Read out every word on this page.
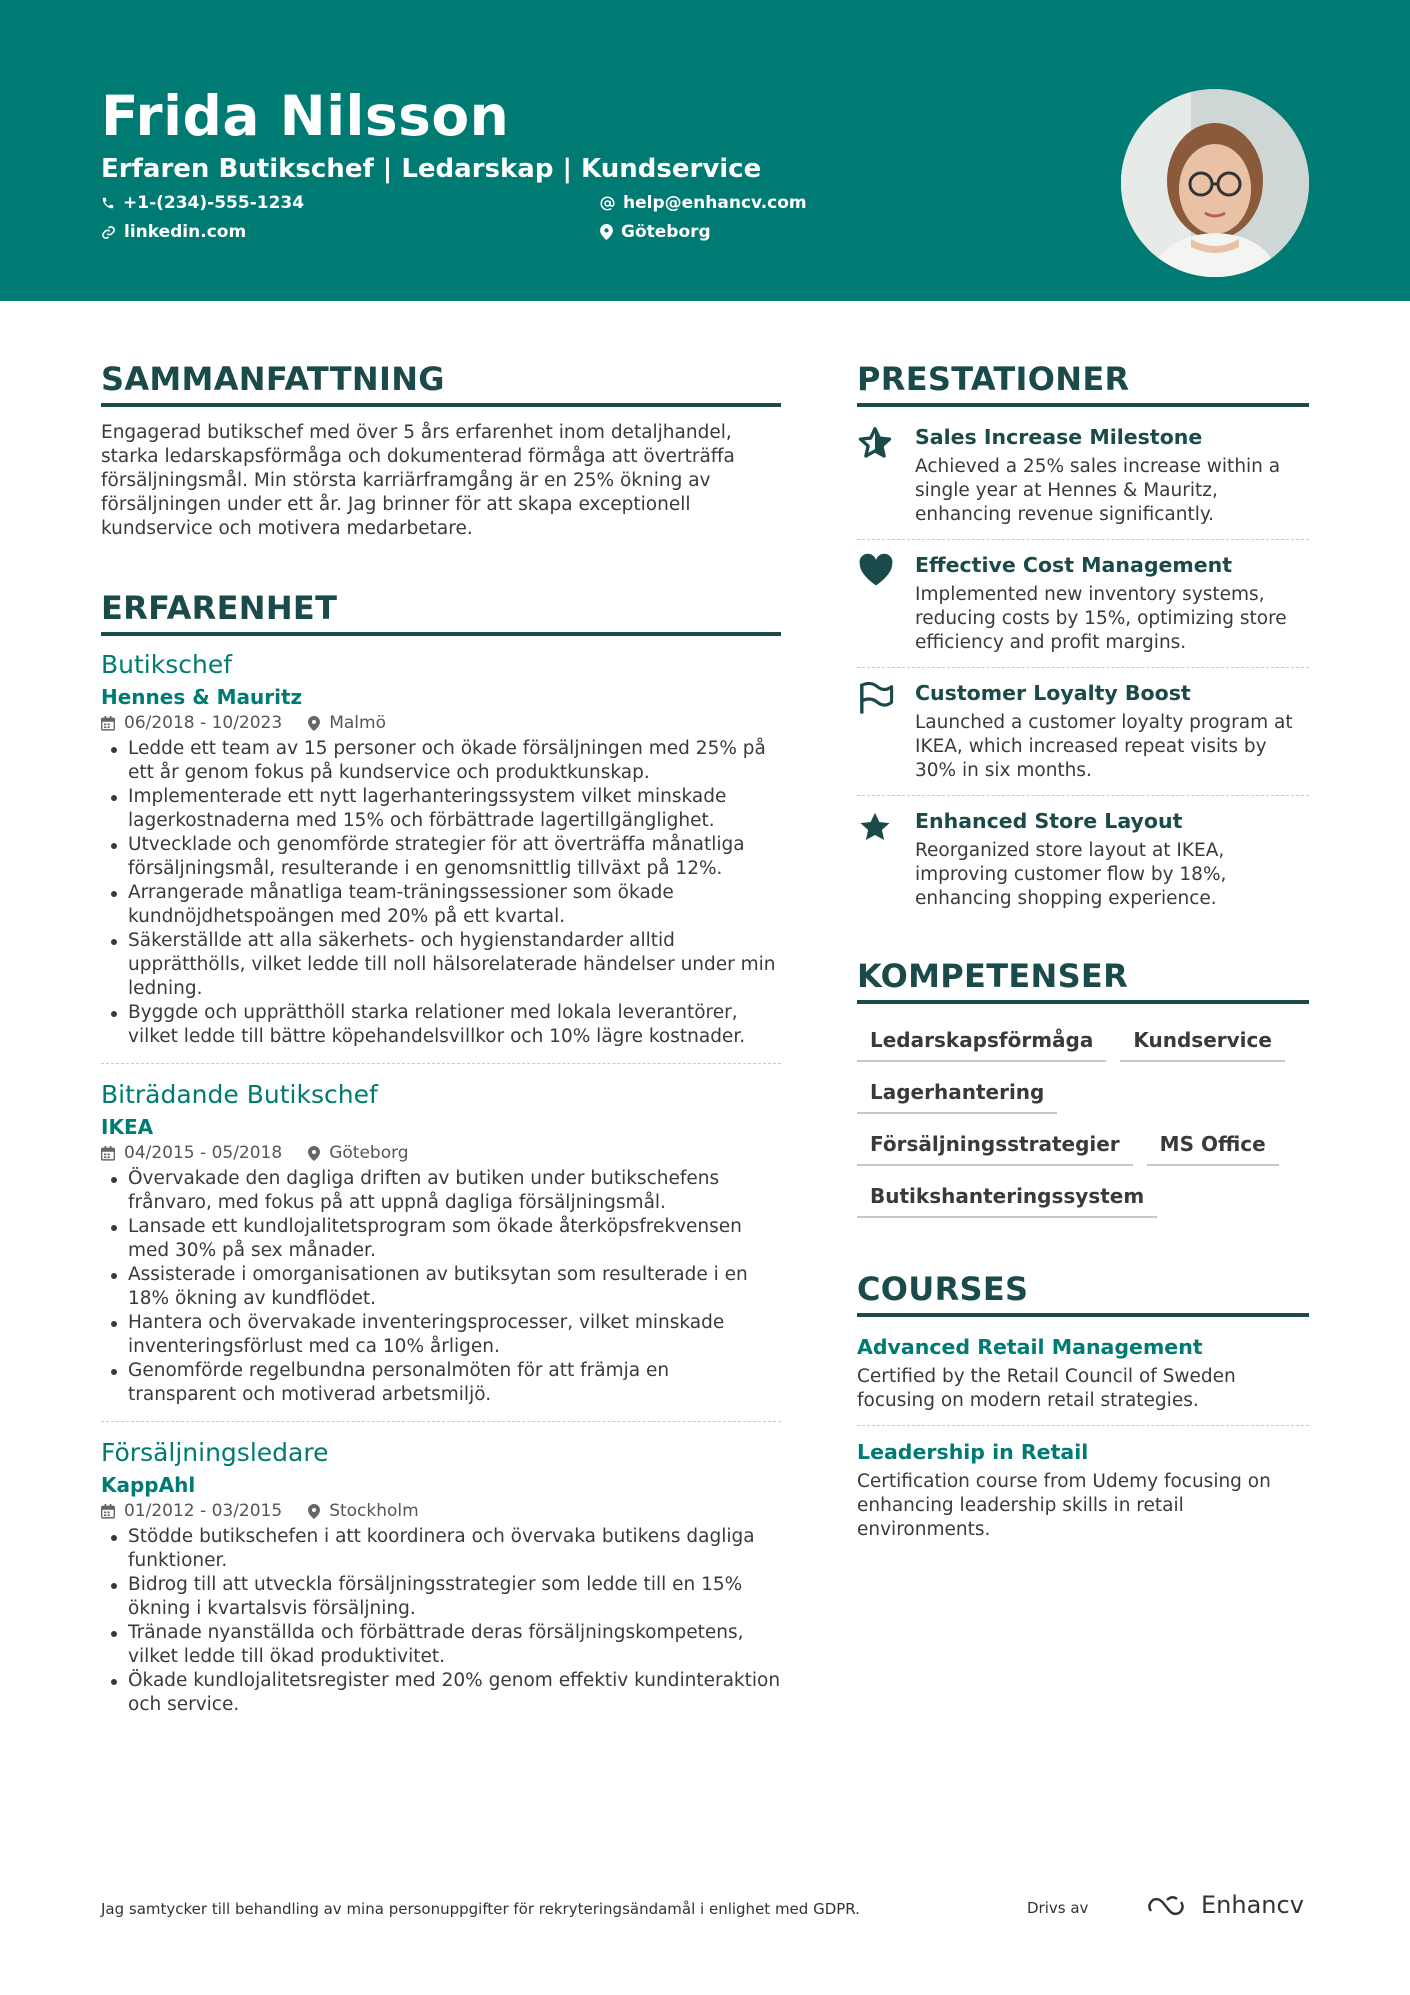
Frida Nilsson
Erfaren Butikschef | Ledarskap | Kundservice
+1-(234)-555-1234	help@enhancv.com
linkedin.com	Göteborg
SAMMANFATTNING
Engagerad butikschef med över 5 års erfarenhet inom detaljhandel, starka ledarskapsförmåga och dokumenterad förmåga att överträffa försäljningsmål. Min största karriärframgång är en 25% ökning av försäljningen under ett år. Jag brinner för att skapa exceptionell kundservice och motivera medarbetare.
ERFARENHET
Butikschef
Hennes & Mauritz
06/2018 - 10/2023	Malmö
Ledde ett team av 15 personer och ökade försäljningen med 25% på ett år genom fokus på kundservice och produktkunskap.
Implementerade ett nytt lagerhanteringssystem vilket minskade lagerkostnaderna med 15% och förbättrade lagertillgänglighet.
Utvecklade och genomförde strategier för att överträffa månatliga försäljningsmål, resulterande i en genomsnittlig tillväxt på 12%.
Arrangerade månatliga team-träningssessioner som ökade kundnöjdhetspoängen med 20% på ett kvartal.
Säkerställde att alla säkerhets- och hygienstandarder alltid upprätthölls, vilket ledde till noll hälsorelaterade händelser under min ledning.
Byggde och upprätthöll starka relationer med lokala leverantörer, vilket ledde till bättre köpehandelsvillkor och 10% lägre kostnader.
Biträdande Butikschef
IKEA
04/2015 - 05/2018	Göteborg
Övervakade den dagliga driften av butiken under butikschefens frånvaro, med fokus på att uppnå dagliga försäljningsmål.
Lansade ett kundlojalitetsprogram som ökade återköpsfrekvensen med 30% på sex månader.
Assisterade i omorganisationen av butiksytan som resulterade i en 18% ökning av kundflödet.
Hantera och övervakade inventeringsprocesser, vilket minskade inventeringsförlust med ca 10% årligen.
Genomförde regelbundna personalmöten för att främja en transparent och motiverad arbetsmiljö.
Försäljningsledare
KappAhl
01/2012 - 03/2015	Stockholm
Stödde butikschefen i att koordinera och övervaka butikens dagliga funktioner.
Bidrog till att utveckla försäljningsstrategier som ledde till en 15% ökning i kvartalsvis försäljning.
Tränade nyanställda och förbättrade deras försäljningskompetens, vilket ledde till ökad produktivitet.
Ökade kundlojalitetsregister med 20% genom effektiv kundinteraktion och service.
PRESTATIONER
Sales Increase Milestone
Achieved a 25% sales increase within a single year at Hennes & Mauritz, enhancing revenue significantly.
Effective Cost Management
Implemented new inventory systems, reducing costs by 15%, optimizing store efficiency and profit margins.
Customer Loyalty Boost
Launched a customer loyalty program at IKEA, which increased repeat visits by 30% in six months.
Enhanced Store Layout
Reorganized store layout at IKEA, improving customer flow by 18%, enhancing shopping experience.
KOMPETENSER
Ledarskapsförmåga	Kundservice
Lagerhantering
Försäljningsstrategier	MS Office
Butikshanteringssystem
COURSES
Advanced Retail Management
Certified by the Retail Council of Sweden focusing on modern retail strategies.
Leadership in Retail
Certification course from Udemy focusing on enhancing leadership skills in retail environments.
Jag samtycker till behandling av mina personuppgifter för rekryteringsändamål i enlighet med GDPR.	Drivs av	Enhancv
